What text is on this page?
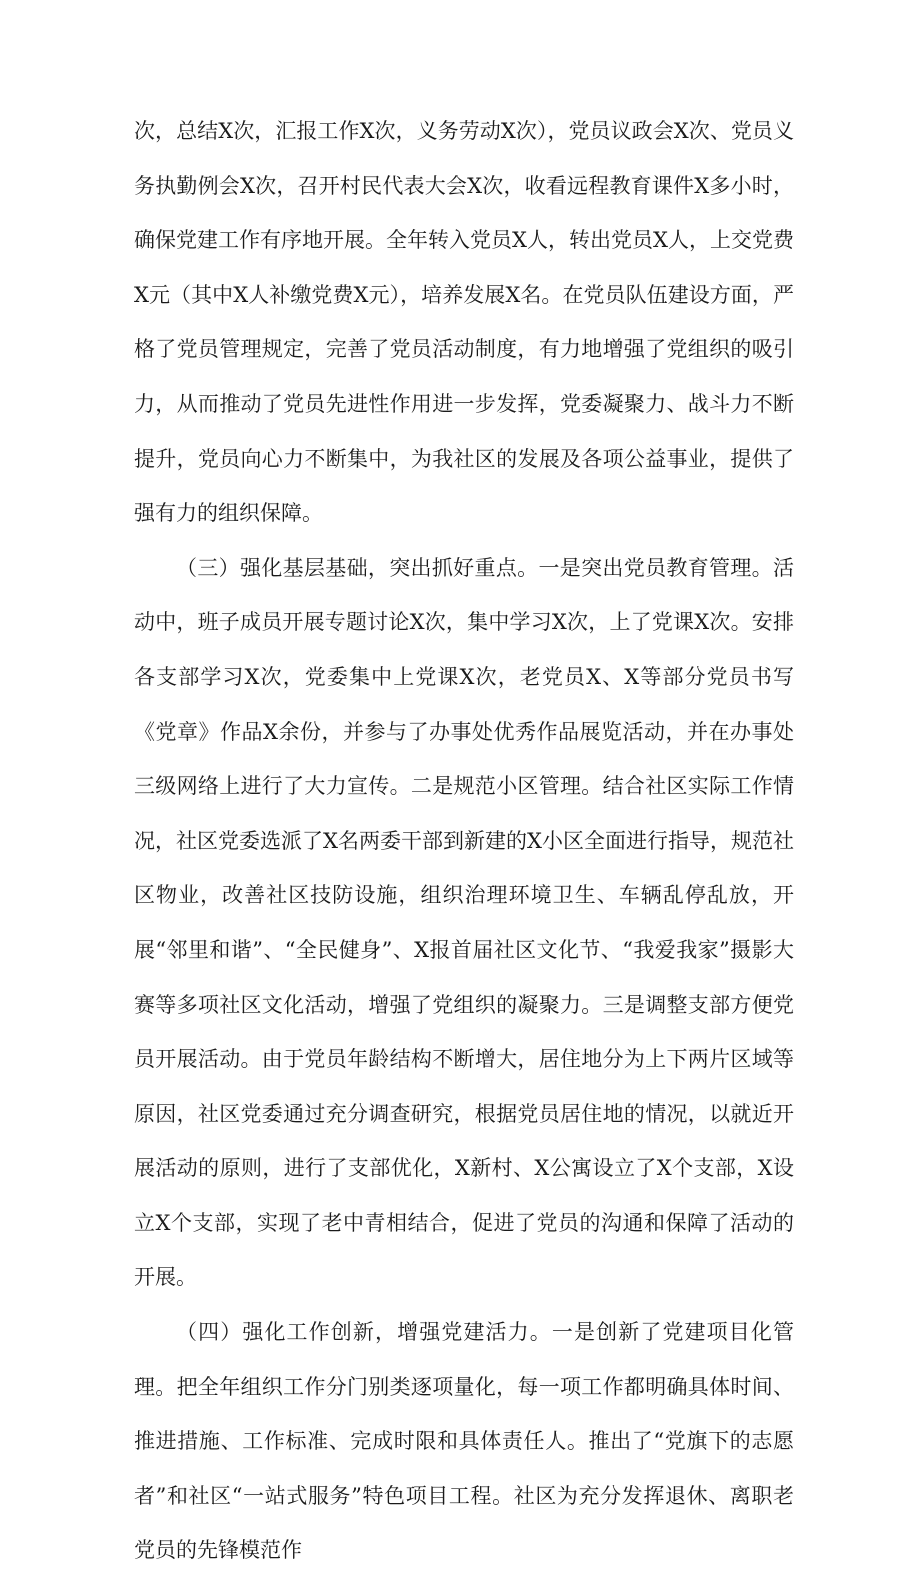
次，总结X次，汇报工作X次，义务劳动X次），党员议政会X次、党员义务执勤例会X次，召开村民代表大会X次，收看远程教育课件X多小时，确保党建工作有序地开展。全年转入党员X人，转出党员X人，上交党费X元（其中X人补缴党费X元），培养发展X名。在党员队伍建设方面，严格了党员管理规定，完善了党员活动制度，有力地增强了党组织的吸引力，从而推动了党员先进性作用进一步发挥，党委凝聚力、战斗力不断提升，党员向心力不断集中，为我社区的发展及各项公益事业，提供了强有力的组织保障。

（三）强化基层基础，突出抓好重点。一是突出党员教育管理。活动中，班子成员开展专题讨论X次，集中学习X次，上了党课X次。安排各支部学习X次，党委集中上党课X次，老党员X、X等部分党员书写《党章》作品X余份，并参与了办事处优秀作品展览活动，并在办事处三级网络上进行了大力宣传。二是规范小区管理。结合社区实际工作情况，社区党委选派了X名两委干部到新建的X小区全面进行指导，规范社区物业，改善社区技防设施，组织治理环境卫生、车辆乱停乱放，开展“邻里和谐”、“全民健身”、X报首届社区文化节、“我爱我家”摄影大赛等多项社区文化活动，增强了党组织的凝聚力。三是调整支部方便党员开展活动。由于党员年龄结构不断增大，居住地分为上下两片区域等原因，社区党委通过充分调查研究，根据党员居住地的情况，以就近开展活动的原则，进行了支部优化，X新村、X公寓设立了X个支部，X设立X个支部，实现了老中青相结合，促进了党员的沟通和保障了活动的开展。

（四）强化工作创新，增强党建活力。一是创新了党建项目化管理。把全年组织工作分门别类逐项量化，每一项工作都明确具体时间、推进措施、工作标准、完成时限和具体责任人。推出了“党旗下的志愿者”和社区“一站式服务”特色项目工程。社区为充分发挥退休、离职老党员的先锋模范作
